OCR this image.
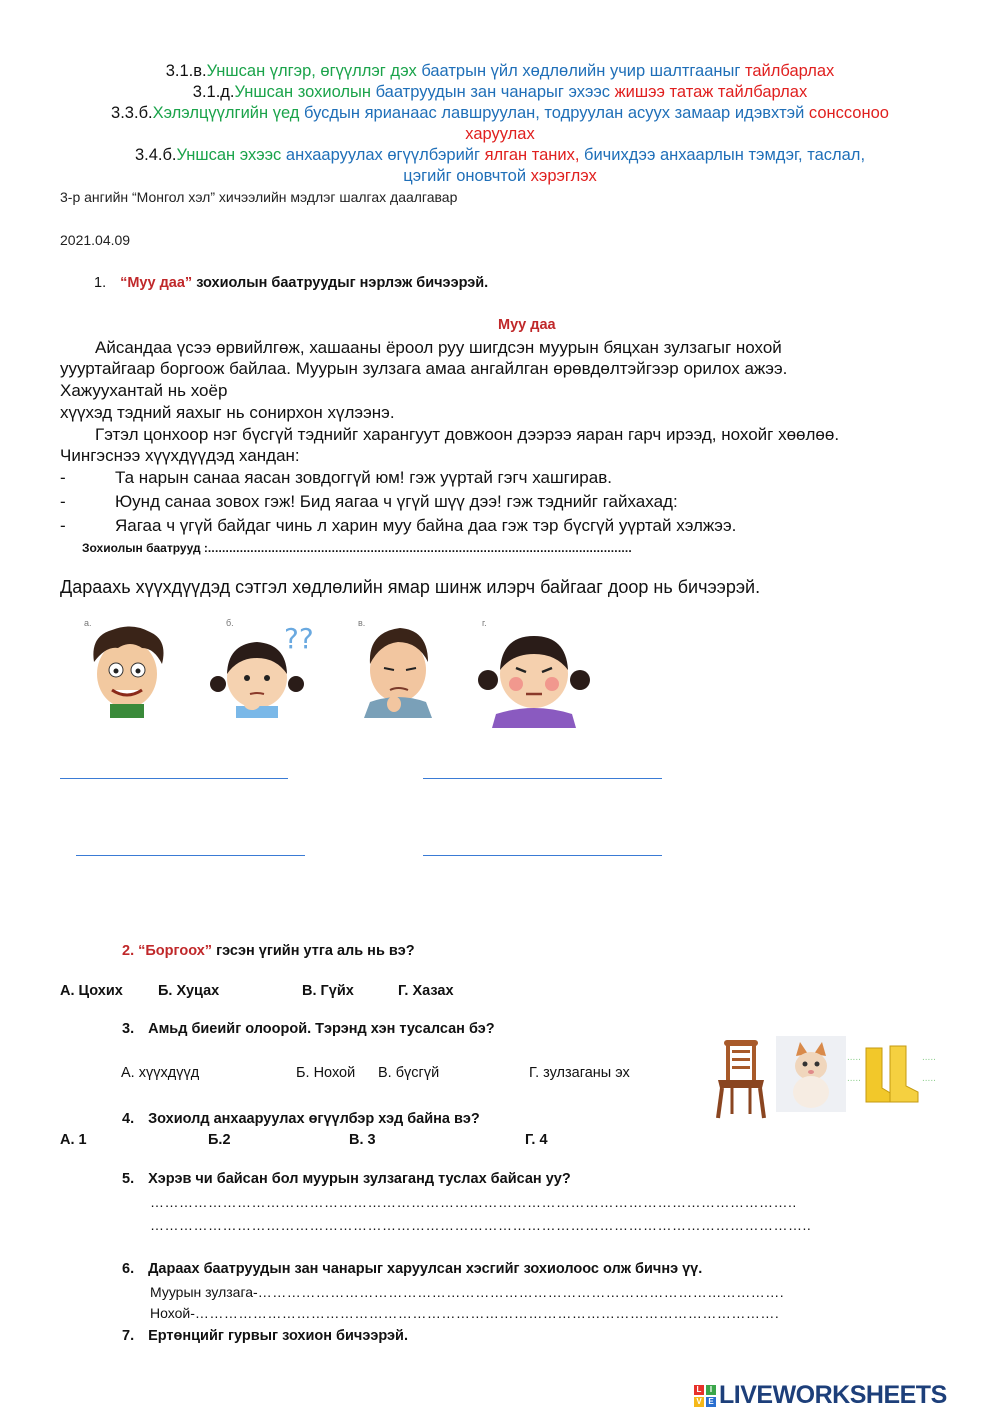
3.1.в.Уншсан үлгэр, өгүүллэг дэх баатрын үйл хөдлөлийн учир шалтгааныг тайлбарлах
3.1.д.Уншсан зохиолын баатруудын зан чанарыг эхээс жишээ татаж тайлбарлах
3.3.б.Хэлэлцүүлгийн үед бусдын ярианаас лавшруулан, тодруулан асуух замаар идэвхтэй сонссоноо
харуулах
3.4.б.Уншсан эхээс анхааруулах өгүүлбэрийг ялган таних, бичихдээ анхаарлын тэмдэг, таслал,
цэгийг оновчтой хэрэглэх
3-р ангийн “Монгол хэл” хичээлийн мэдлэг шалгах даалгавар
2021.04.09
1. “Муу даа” зохиолын баатруудыг нэрлэж бичээрэй.
Муу даа
Айсандаа үсээ өрвийлгөж, хашааны ёроол руу шигдсэн муурын бяцхан зулзагыг нохой
уууртайгаар боргоож байлаа. Муурын зулзага амаа ангайлган өрөвдөлтэйгээр орилох ажээ.
Хажуухантай нь хоёр
хүүхэд тэдний яахыг нь сонирхон хүлээнэ.
Гэтэл цонхоор нэг бүсгүй тэднийг харангуут довжоон дээрээ яаран гарч ирээд, нохойг хөөлөө.
Чингэснээ хүүхдүүдэд хандан:
-	Та нарын санаа яасан зовдоггүй юм! гэж уүртай гэгч хашгирав.
-	Юунд санаа зовох гэж! Бид яагаа ч үгүй шүү дээ! гэж тэднийг гайхахад:
-	Яагаа ч үгүй байдаг чинь л харин муу байна даа гэж тэр бүсгүй уүртай хэлжээ.
Зохиолын баатрууд :........................................................................................................................
Дараахь хүүхдүүдэд сэтгэл хөдлөлийн ямар шинж илэрч байгааг доор нь бичээрэй.
а.	б. ??	в.	г.
2. “Боргоох” гэсэн үгийн утга аль нь вэ?
А. Цохих Б. Хуцах	В. Гүйх	Г. Хазах
3. Амьд биеийг олоорой. Тэрэнд хэн тусалсан бэ?
А. хүүхдүүд	Б. Нохой В. бүсгүй	Г. зулзаганы эх
.....	.....
.....	.....
4. Зохиолд анхааруулах өгүүлбэр хэд байна вэ?
А. 1	Б.2	В. 3	Г. 4
5. Хэрэв чи байсан бол муурын зулзаганд туслах байсан уу?
……………………………………………………………………………………………………………………..
………………………………………………………………………………………………………………………..
6. Дараах баатруудын зан чанарыг харуулсан хэсгийг зохиолоос олж бичнэ үү.
Муурын зулзага-……………………………………………………………………………………………….
Нохой-………………………………………………………………………………………………………….
7. Ертөнцийг гурвыг зохион бичээрэй.
L	I
V E LIVEWORKSHEETS
